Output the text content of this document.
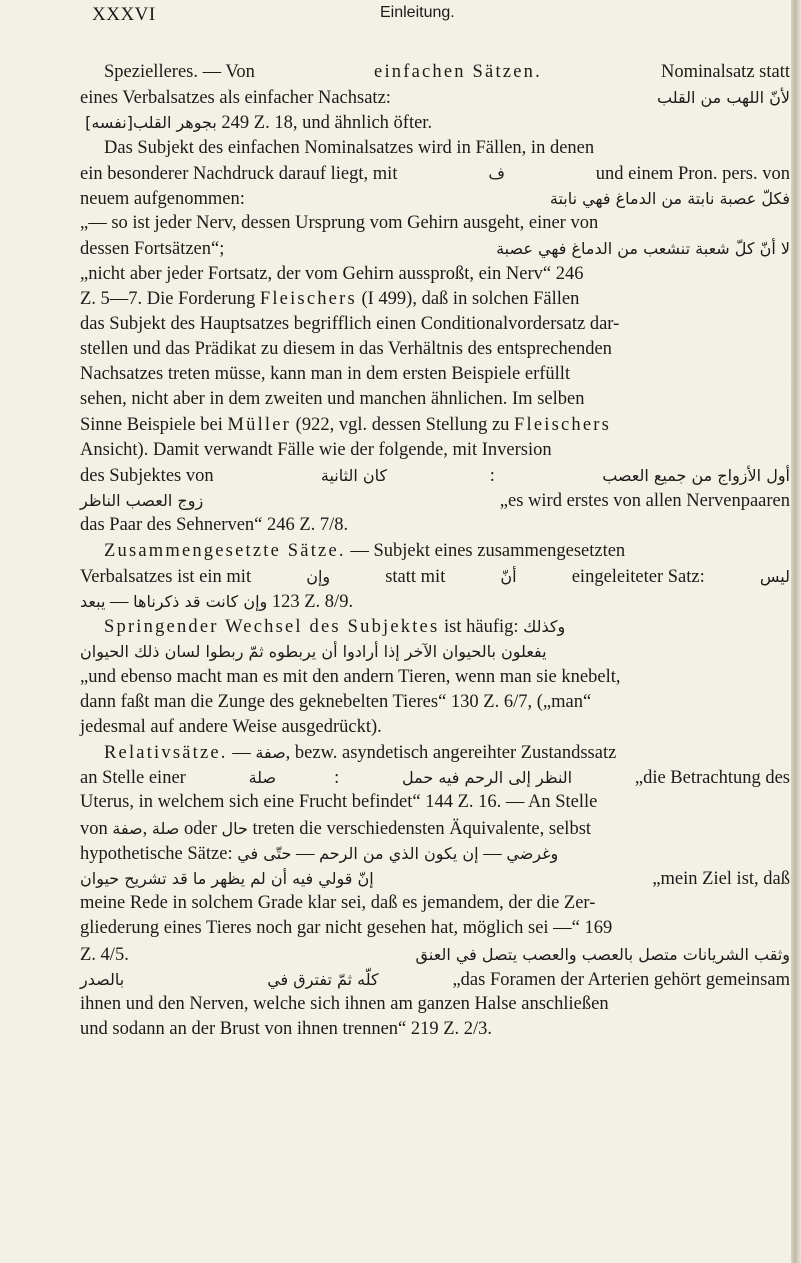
XXXVI	Einleitung.
Spezielleres. — Von	einfachen Sätzen.	Nominalsatz statt
eines Verbalsatzes als einfacher Nachsatz:	لأنّ اللهب من القلب
[نفسه] بجوهر القلب 249 Z. 18, und ähnlich öfter.
Das Subjekt des einfachen Nominalsatzes wird in Fällen, in denen
ein besonderer Nachdruck darauf liegt, mit	ف	und einem Pron. pers. von
neuem aufgenommen:	فكلّ عصبة نابتة من الدماغ فهي نابتة
„— so ist jeder Nerv, dessen Ursprung vom Gehirn ausgeht, einer von
dessen Fortsätzen“;	لا أنّ كلّ شعبة تنشعب من الدماغ فهي عصبة
„nicht aber jeder Fortsatz, der vom Gehirn aussproßt, ein Nerv“ 246
Z. 5—7. Die Forderung Fleischers (I 499), daß in solchen Fällen
das Subjekt des Hauptsatzes begrifflich einen Conditionalvordersatz dar-
stellen und das Prädikat zu diesem in das Verhältnis des entsprechenden
Nachsatzes treten müsse, kann man in dem ersten Beispiele erfüllt
sehen, nicht aber in dem zweiten und manchen ähnlichen. Im selben
Sinne Beispiele bei Müller (922, vgl. dessen Stellung zu Fleischers
Ansicht). Damit verwandt Fälle wie der folgende, mit Inversion
des Subjektes von	كان الثانية	:	أول الأزواج من جميع العصب
زوج العصب الناظر	„es wird erstes von allen Nervenpaaren
das Paar des Sehnerven“ 246 Z. 7/8.
Zusammengesetzte Sätze. — Subjekt eines zusammengesetzten
Verbalsatzes ist ein mit	وإن	statt mit	أنّ	eingeleiteter Satz:	ليس
يبعد — وإن كانت قد ذكرناها 123 Z. 8/9.
Springender Wechsel des Subjektes ist häufig: وكذلك
يفعلون بالحيوان الآخر إذا أرادوا أن يربطوه ثمّ ربطوا لسان ذلك الحيوان
„und ebenso macht man es mit den andern Tieren, wenn man sie knebelt,
dann faßt man die Zunge des geknebelten Tieres“ 130 Z. 6/7, („man“
jedesmal auf andere Weise ausgedrückt).
Relativsätze. — صفة , bezw. asyndetisch angereihter Zustandssatz
an Stelle einer	صلة	:	النظر إلى الرحم فيه حمل	„die Betrachtung des
Uterus, in welchem sich eine Frucht befindet“ 144 Z. 16. — An Stelle
von صفة , صلة oder حال treten die verschiedensten Äquivalente, selbst
hypothetische Sätze: حتّى في — إن يكون الذي من الرحم — وغرضي
إنّ قولي فيه أن لم يظهر ما قد تشريح حيوان	„mein Ziel ist, daß
meine Rede in solchem Grade klar sei, daß es jemandem, der die Zer-
gliederung eines Tieres noch gar nicht gesehen hat, möglich sei —“ 169
Z. 4/5.	وثقب الشريانات متصل بالعصب والعصب يتصل في العنق
بالصدر
	كلّه ثمّ تفترق في	„das Foramen der Arterien gehört gemeinsam
ihnen und den Nerven, welche sich ihnen am ganzen Halse anschließen
und sodann an der Brust von ihnen trennen“ 219 Z. 2/3.
